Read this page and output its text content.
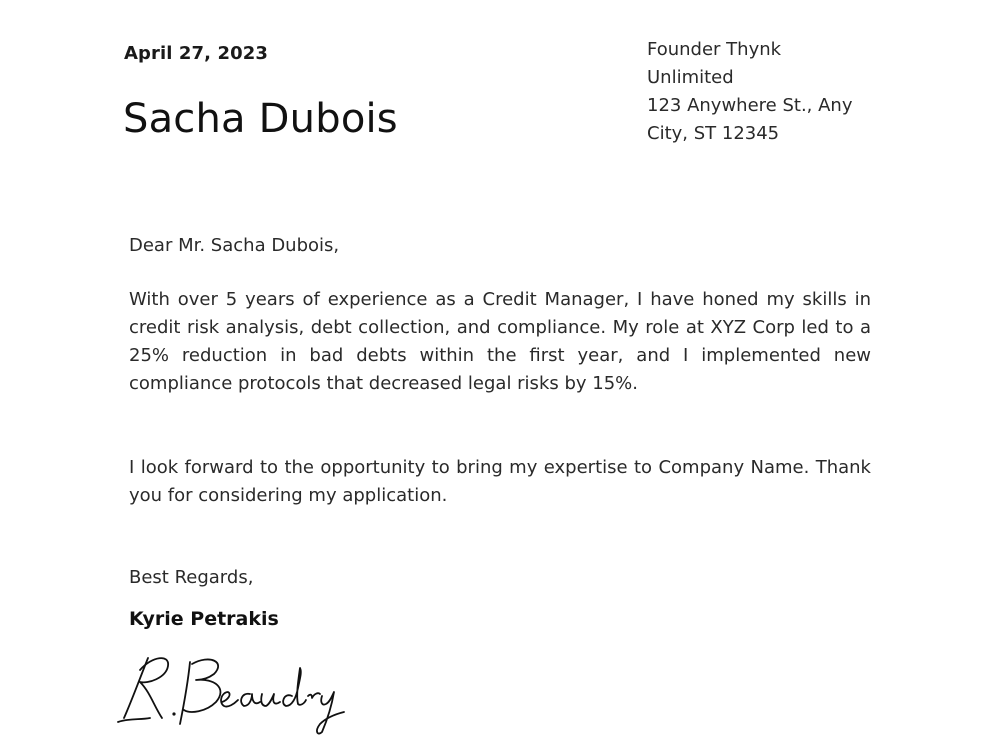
April 27, 2023
Sacha Dubois
Founder Thynk
Unlimited
123 Anywhere St., Any
City, ST 12345
Dear Mr. Sacha Dubois,
With over 5 years of experience as a Credit Manager, I have honed my skills in credit risk analysis, debt collection, and compliance. My role at XYZ Corp led to a 25% reduction in bad debts within the first year, and I implemented new compliance protocols that decreased legal risks by 15%.
I look forward to the opportunity to bring my expertise to Company Name. Thank you for considering my application.
Best Regards,
Kyrie Petrakis
